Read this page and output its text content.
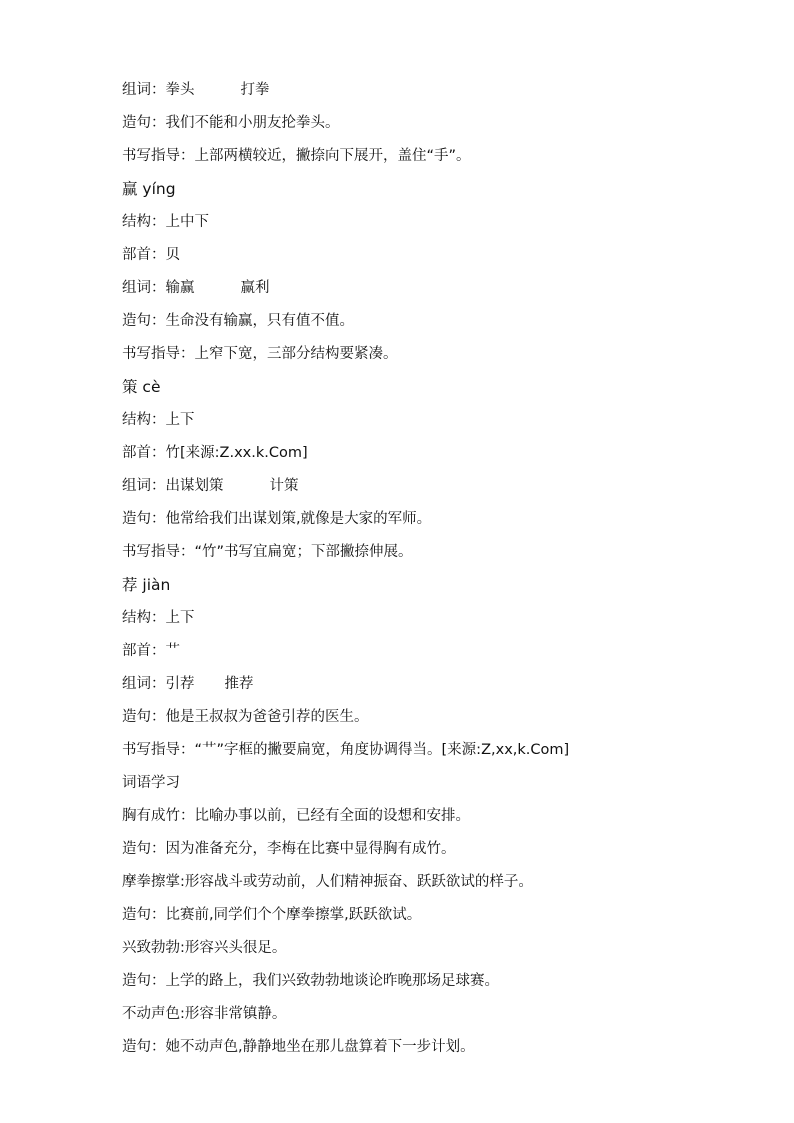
组词：拳头	打拳
造句：我们不能和小朋友抡拳头。
书写指导：上部两横较近，撇捺向下展开，盖住“手”。
赢 yíng
结构：上中下
部首：贝
组词：输赢	赢利
造句：生命没有输赢，只有值不值。
书写指导：上窄下宽，三部分结构要紧凑。
策 cè
结构：上下
部首：竹[来源:Z.xx.k.Com]
组词：出谋划策	计策
造句：他常给我们出谋划策,就像是大家的军师。
书写指导：“竹”书写宜扁宽；下部撇捺伸展。
荐 jiàn
结构：上下
部首：艹
组词：引荐 推荐
造句：他是王叔叔为爸爸引荐的医生。
书写指导：“艹”字框的撇要扁宽，角度协调得当。[来源:Z,xx,k.Com]
词语学习
胸有成竹：比喻办事以前，已经有全面的设想和安排。
造句：因为准备充分，李梅在比赛中显得胸有成竹。
摩拳擦掌:形容战斗或劳动前，人们精神振奋、跃跃欲试的样子。
造句：比赛前,同学们个个摩拳擦掌,跃跃欲试。
兴致勃勃:形容兴头很足。
造句：上学的路上，我们兴致勃勃地谈论昨晚那场足球赛。
不动声色:形容非常镇静。
造句：她不动声色,静静地坐在那儿盘算着下一步计划。
